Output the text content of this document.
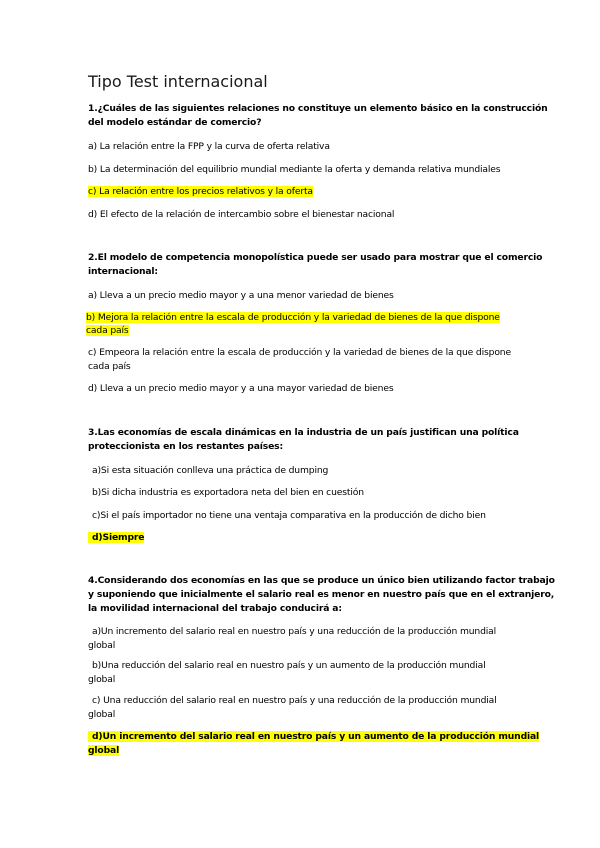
Tipo Test internacional
1.¿Cuáles de las siguientes relaciones no constituye un elemento básico en la construcción
del modelo estándar de comercio?
a) La relación entre la FPP y la curva de oferta relativa
b) La determinación del equilibrio mundial mediante la oferta y demanda relativa mundiales
c) La relación entre los precios relativos y la oferta
d) El efecto de la relación de intercambio sobre el bienestar nacional
2.El modelo de competencia monopolística puede ser usado para mostrar que el comercio
internacional:
a) Lleva a un precio medio mayor y a una menor variedad de bienes
b) Mejora la relación entre la escala de producción y la variedad de bienes de la que dispone
cada país
c) Empeora la relación entre la escala de producción y la variedad de bienes de la que dispone
cada país
d) Lleva a un precio medio mayor y a una mayor variedad de bienes
3.Las economías de escala dinámicas en la industria de un país justifican una política
proteccionista en los restantes países:
a)Si esta situación conlleva una práctica de dumping
b)Si dicha industria es exportadora neta del bien en cuestión
c)Si el país importador no tiene una ventaja comparativa en la producción de dicho bien
d)Siempre
4.Considerando dos economías en las que se produce un único bien utilizando factor trabajo
y suponiendo que inicialmente el salario real es menor en nuestro país que en el extranjero,
la movilidad internacional del trabajo conducirá a:
a)Un incremento del salario real en nuestro país y una reducción de la producción mundial
global
b)Una reducción del salario real en nuestro país y un aumento de la producción mundial
global
c) Una reducción del salario real en nuestro país y una reducción de la producción mundial
global
d)Un incremento del salario real en nuestro país y un aumento de la producción mundial
global
